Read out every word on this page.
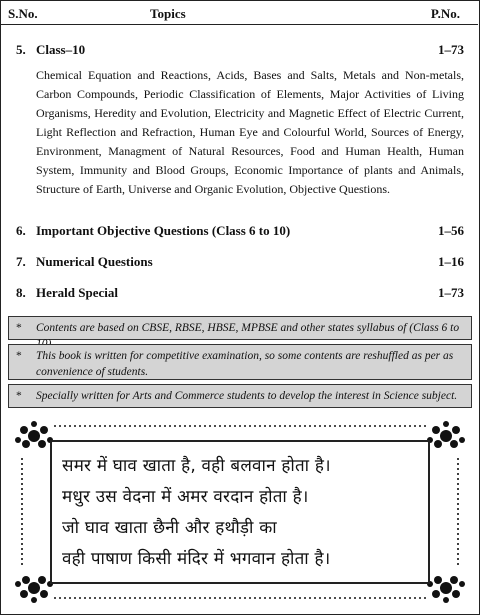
S.No.	Topics	P.No.
5. Class–10	1–73
Chemical Equation and Reactions, Acids, Bases and Salts, Metals and Non-metals, Carbon Compounds, Periodic Classification of Elements, Major Activities of Living Organisms, Heredity and Evolution, Electricity and Magnetic Effect of Electric Current, Light Reflection and Refraction, Human Eye and Colourful World, Sources of Energy, Environment, Managment of Natural Resources, Food and Human Health, Human System, Immunity and Blood Groups, Economic Importance of plants and Animals, Structure of Earth, Universe and Organic Evolution, Objective Questions.
6. Important Objective Questions (Class 6 to 10)	1–56
7. Numerical Questions	1–16
8. Herald Special	1–73
* Contents are based on CBSE, RBSE, HBSE, MPBSE and other states syllabus of (Class 6 to
* This book is written for competitive examination, so some contents are reshuffled as per as convenience of students.
* Specially written for Arts and Commerce students to develop the interest in Science subject.
समर में घाव खाता है, वही बलवान होता है।
मधुर उस वेदना में अमर वरदान होता है।
जो घाव खाता छैनी और हथौड़ी का
वही पाषाण किसी मंदिर में भगवान होता है।
